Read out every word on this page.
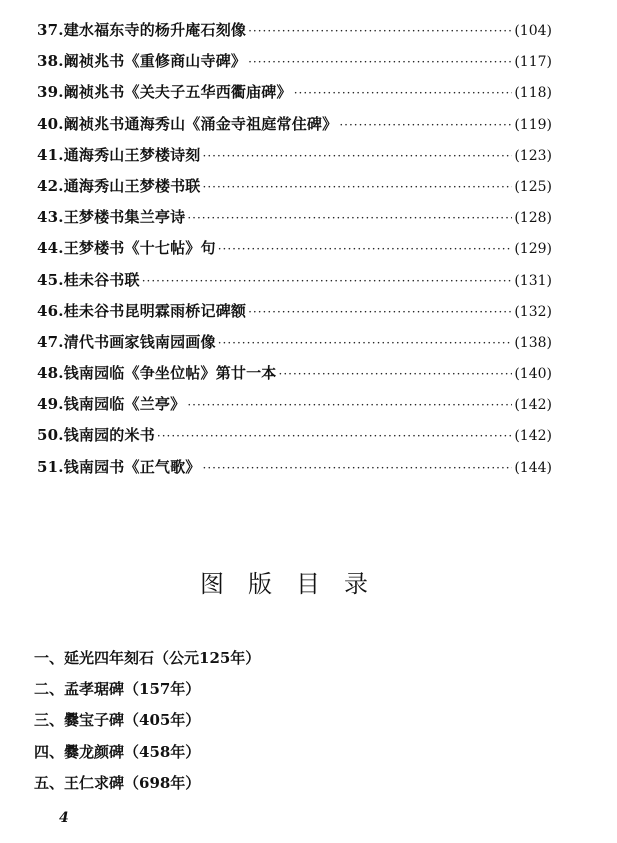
37.建水福东寺的杨升庵石刻像 ·····	(104)
38.阚祯兆书《重修商山寺碑》 ·····	(117)
39.阚祯兆书《关夫子五华西衢庙碑》 ·····	(118)
40.阚祯兆书通海秀山《涌金寺祖庭常住碑》 ·····	(119)
41.通海秀山王梦楼诗刻 ·····	(123)
42.通海秀山王梦楼书联 ·····	(125)
43.王梦楼书集兰亭诗 ·····	(128)
44.王梦楼书《十七帖》句 ·····	(129)
45.桂未谷书联 ·····	(131)
46.桂未谷书昆明霖雨桥记碑额 ·····	(132)
47.清代书画家钱南园画像 ·····	(138)
48.钱南园临《争坐位帖》第廿一本 ·····	(140)
49.钱南园临《兰亭》 ·····	(142)
50.钱南园的米书 ·····	(142)
51.钱南园书《正气歌》 ·····	(144)
图版目录
一、延光四年刻石（公元125年）
二、孟孝琚碑（157年）
三、爨宝子碑（405年）
四、爨龙颜碑（458年）
五、王仁求碑（698年）
4
